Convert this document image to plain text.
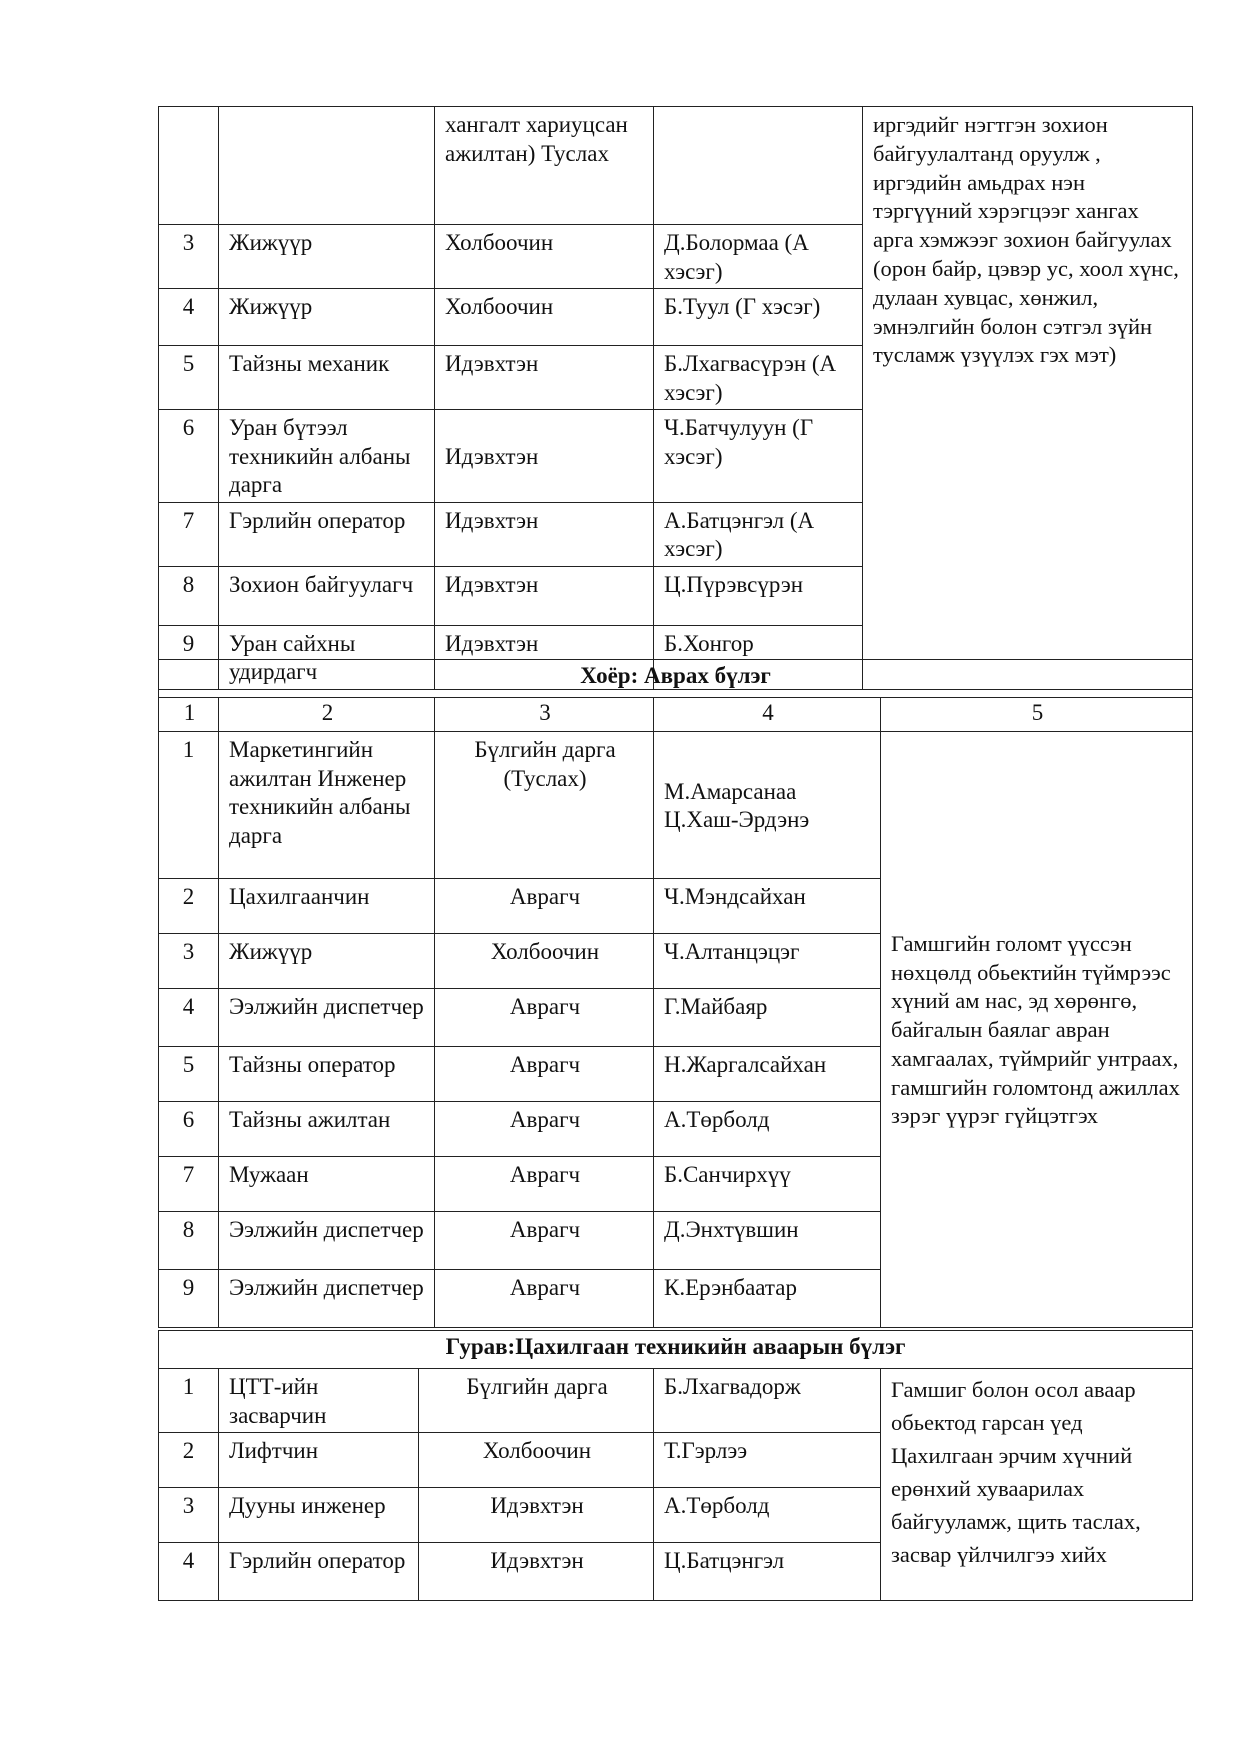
		хангалт хариуцсан ажилтан) Туслах		иргэдийг нэгтгэн зохион байгуулалтанд оруулж , иргэдийн амьдрах нэн тэргүүний хэрэгцээг хангах арга хэмжээг зохион байгуулах (орон байр, цэвэр ус, хоол хүнс, дулаан хувцас, хөнжил, эмнэлгийн болон сэтгэл зүйн тусламж үзүүлэх гэх мэт)
3	Жижүүр	Холбоочин	Д.Болормаа (А хэсэг)	
4	Жижүүр	Холбоочин	Б.Туул (Г хэсэг)	
5	Тайзны механик	Идэвхтэн	Б.Лхагвасүрэн (А хэсэг)	
6	Уран бүтээл техникийн албаны дарга	Идэвхтэн	Ч.Батчулуун (Г хэсэг)	
7	Гэрлийн оператор	Идэвхтэн	А.Батцэнгэл (А хэсэг)	
8	Зохион байгуулагч	Идэвхтэн	Ц.Пүрэвсүрэн	
9	Уран сайхны удирдагч	Идэвхтэн	Б.Хонгор	
Хоёр: Аврах бүлэг				
1	2	3	4	5
1	Маркетингийн ажилтан Инженер техникийн албаны дарга	Бүлгийн дарга (Туслах)	М.Амарсанаа Ц.Хаш-Эрдэнэ	Гамшгийн голомт үүссэн нөхцөлд обьектийн түймрээс хүний ам нас, эд хөрөнгө, байгалын баялаг авран хамгаалах, түймрийг унтраах, гамшгийн голомтонд ажиллах зэрэг үүрэг гүйцэтгэх
2	Цахилгаанчин	Аврагч	Ч.Мэндсайхан	
3	Жижүүр	Холбоочин	Ч.Алтанцэцэг	
4	Ээлжийн диспетчер	Аврагч	Г.Майбаяр	
5	Тайзны оператор	Аврагч	Н.Жаргалсайхан	
6	Тайзны ажилтан	Аврагч	А.Төрболд	
7	Мужаан	Аврагч	Б.Санчирхүү	
8	Ээлжийн диспетчер	Аврагч	Д.Энхтүвшин	
9	Ээлжийн диспетчер	Аврагч	К.Ерэнбаатар	
Гурав:Цахилгаан техникийн аваарын бүлэг				
1	ЦТТ-ийн засварчин	Бүлгийн дарга	Б.Лхагвадорж	Гамшиг болон осол аваар обьектод гарсан үед Цахилгаан эрчим хүчний ерөнхий хуваарилах байгууламж, щить таслах, засвар үйлчилгээ хийх
2	Лифтчин	Холбоочин	Т.Гэрлээ	
3	Дууны инженер	Идэвхтэн	А.Төрболд	
4	Гэрлийн оператор	Идэвхтэн	Ц.Батцэнгэл	
